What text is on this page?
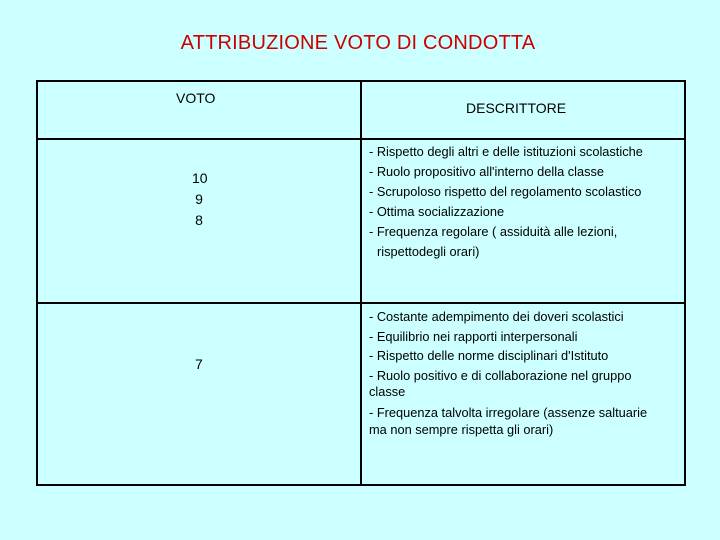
ATTRIBUZIONE VOTO DI CONDOTTA
VOTO
DESCRITTORE
10
9
8

- Rispetto degli altri e delle istituzioni scolastiche

- Ruolo propositivo all'interno della classe

- Scrupoloso rispetto del regolamento scolastico

- Ottima socializzazione

- Frequenza regolare ( assiduità alle lezioni,

rispettodegli orari)

7

- Costante adempimento dei doveri scolastici

- Equilibrio nei rapporti interpersonali

- Rispetto delle norme disciplinari d'Istituto

- Ruolo positivo e di collaborazione nel gruppo

classe

- Frequenza talvolta irregolare (assenze saltuarie

ma non sempre rispetta gli orari)
